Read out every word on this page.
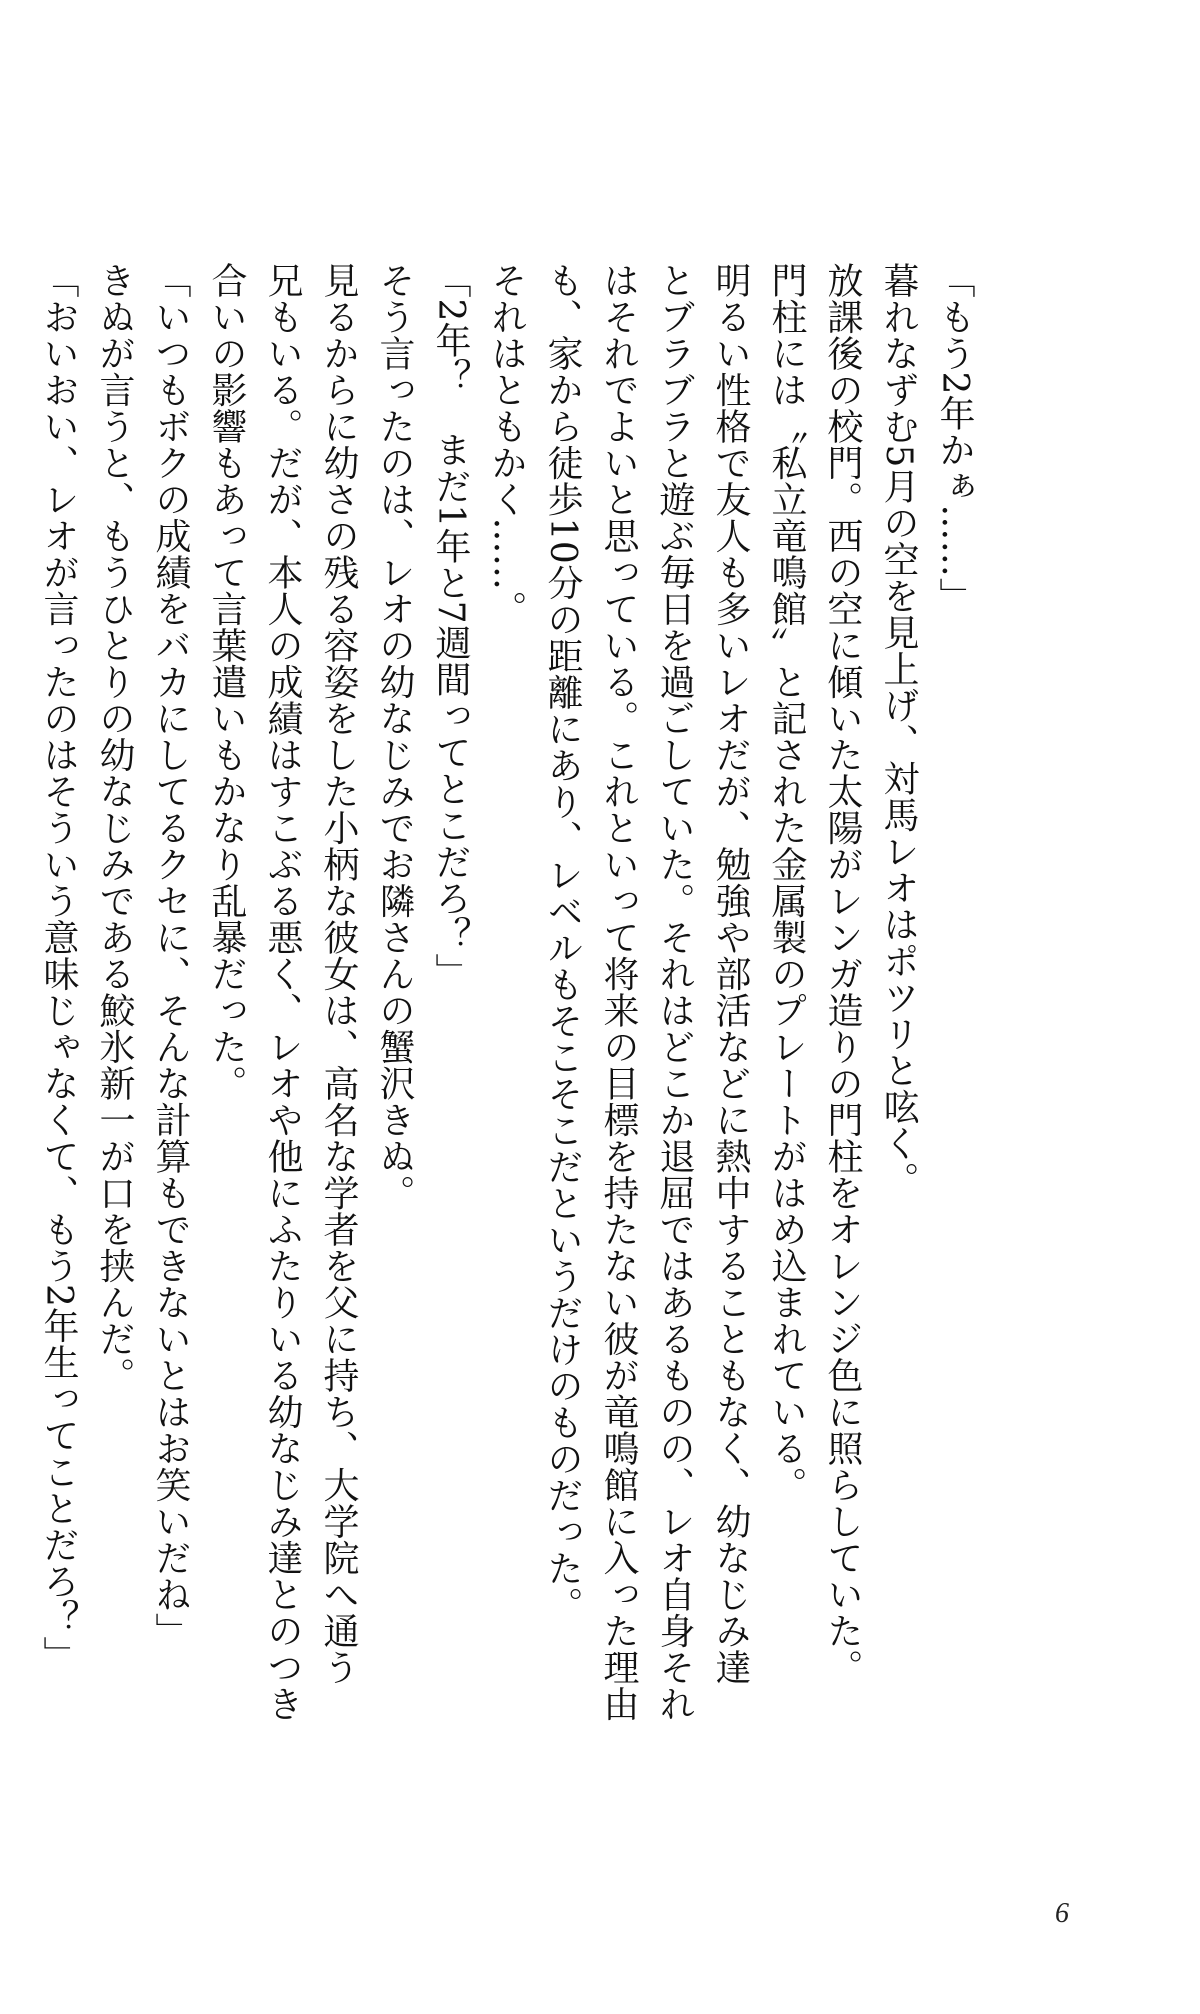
「もう2年かぁ……」
暮れなずむ5月の空を見上げ、対馬レオはポツリと呟く。
放課後の校門。西の空に傾いた太陽がレンガ造りの門柱をオレンジ色に照らしていた。
門柱には〝私立竜鳴館〟と記された金属製のプレートがはめ込まれている。
明るい性格で友人も多いレオだが、勉強や部活などに熱中することもなく、幼なじみ達
とブラブラと遊ぶ毎日を過ごしていた。それはどこか退屈ではあるものの、レオ自身それ
はそれでよいと思っている。これといって将来の目標を持たない彼が竜鳴館に入った理由
も、家から徒歩10分の距離にあり、レベルもそこそこだというだけのものだった。
それはともかく……。
「2年？　まだ1年と7週間ってとこだろ？」
そう言ったのは、レオの幼なじみでお隣さんの蟹沢きぬ。
見るからに幼さの残る容姿をした小柄な彼女は、高名な学者を父に持ち、大学院へ通う
兄もいる。だが、本人の成績はすこぶる悪く、レオや他にふたりいる幼なじみ達とのつき
合いの影響もあって言葉遣いもかなり乱暴だった。
「いつもボクの成績をバカにしてるクセに、そんな計算もできないとはお笑いだね」
きぬが言うと、もうひとりの幼なじみである鮫氷新一が口を挟んだ。
「おいおい、レオが言ったのはそういう意味じゃなくて、もう2年生ってことだろ？」
6
